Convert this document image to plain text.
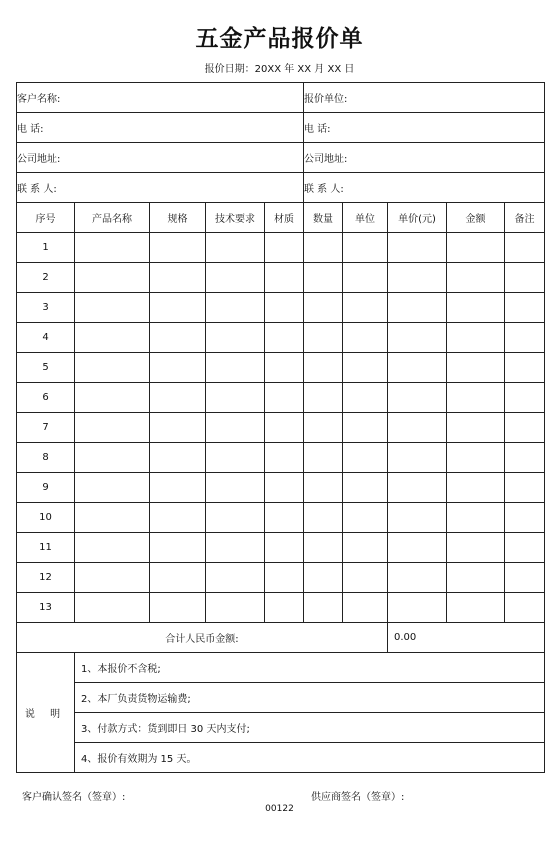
五金产品报价单
报价日期：20XX 年 XX 月 XX 日
客户名称:					报价单位:				
电 话:					电 话:				
公司地址:					公司地址:				
联 系 人:					联 系 人:				
序号	产品名称	规格	技术要求	材质	数量	单位	单价(元)	金额	备注
1									
2									
3									
4									
5									
6									
7									
8									
9									
10									
11									
12									
13									
合计人民币金额:							0.00		
说 明	1、本报价不含税;								
	2、本厂负责货物运输费;								
	3、付款方式：货到即日 30 天内支付;								
	4、报价有效期为 15 天。								
客户确认签名（签章）:	供应商签名（签章）:
00122
